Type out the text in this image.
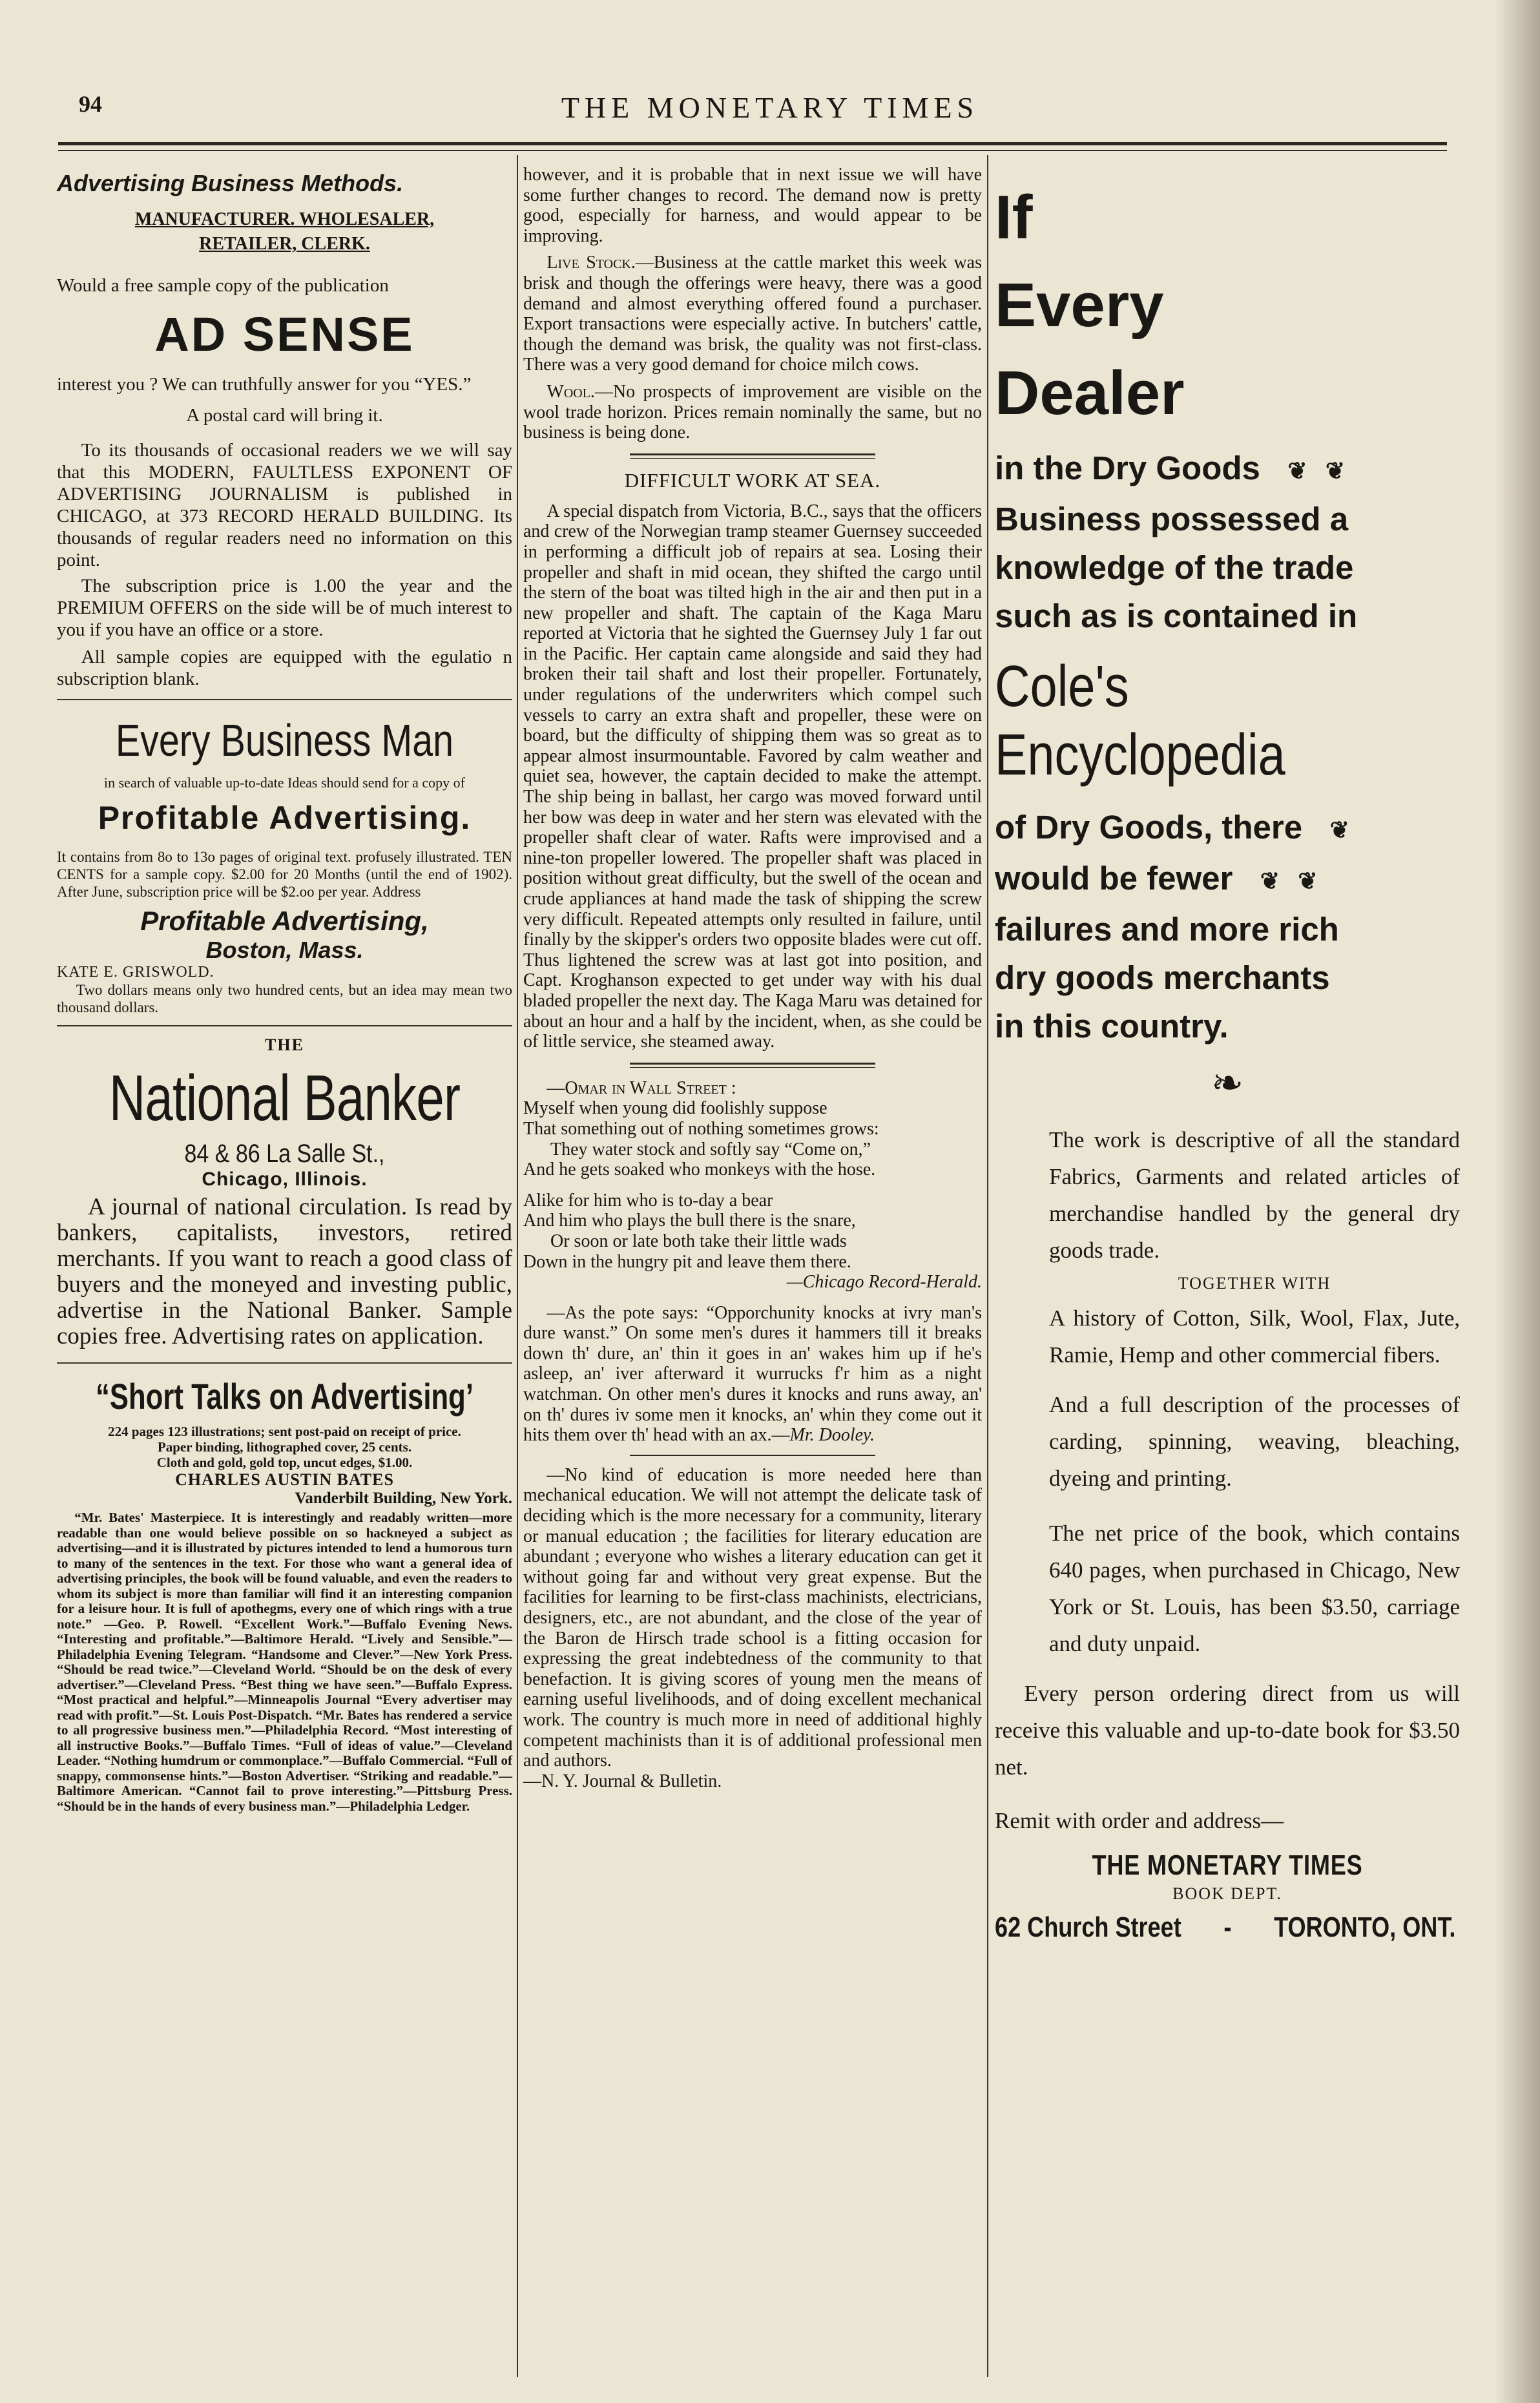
THE MONETARY TIMES
94
Advertising Business Methods.
MANUFACTURER. WHOLESALER,
RETAILER, CLERK.

Would a free sample copy of the publication

AD SENSE

interest you ? We can truthfully answer for you “YES.”

A postal card will bring it.

To its thousands of occasional readers we we will say that this MODERN, FAULTLESS EXPONENT OF ADVERTISING JOURNALISM is published in CHICAGO, at 373 RECORD HERALD BUILDING. Its thousands of regular readers need no information on this point.

The subscription price is 1.00 the year and the PREMIUM OFFERS on the side will be of much interest to you if you have an office or a store.

All sample copies are equipped with the egulatio n subscription blank.

Every Business Man

in search of valuable up-to-date Ideas should send for a copy of

Profitable Advertising.

It contains from 8o to 13o pages of original text. profusely illustrated. TEN CENTS for a sample copy. $2.00 for 20 Months (until the end of 1902). After June, subscription price will be $2.oo per year. Address

Profitable Advertising,
Boston, Mass.

KATE E. GRISWOLD.

Two dollars means only two hundred cents, but an idea may mean two thousand dollars.

THE
National Banker
84 & 86 La Salle St.,
Chicago, Illinois.

A journal of national circulation. Is read by bankers, capitalists, investors, retired merchants. If you want to reach a good class of buyers and the moneyed and investing public, advertise in the National Banker. Sample copies free. Advertising rates on application.

“Short Talks on Advertising’

224 pages 123 illustrations; sent post-paid on receipt of price.

Paper binding, lithographed cover, 25 cents.

Cloth and gold, gold top, uncut edges, $1.00.

CHARLES AUSTIN BATES
Vanderbilt Building, New York.

“Mr. Bates' Masterpiece. It is interestingly and readably written—more readable than one would believe possible on so hackneyed a subject as advertising—and it is illustrated by pictures intended to lend a humorous turn to many of the sentences in the text. For those who want a general idea of advertising principles, the book will be found valuable, and even the readers to whom its subject is more than familiar will find it an interesting companion for a leisure hour. It is full of apothegms, every one of which rings with a true note.” —Geo. P. Rowell. “Excellent Work.”—Buffalo Evening News. “Interesting and profitable.”—Baltimore Herald. “Lively and Sensible.”—Philadelphia Evening Telegram. “Handsome and Clever.”—New York Press. “Should be read twice.”—Cleveland World. “Should be on the desk of every advertiser.”—Cleveland Press. “Best thing we have seen.”—Buffalo Express. “Most practical and helpful.”—Minneapolis Journal “Every advertiser may read with profit.”—St. Louis Post-Dispatch. “Mr. Bates has rendered a service to all progressive business men.”—Philadelphia Record. “Most interesting of all instructive Books.”—Buffalo Times. “Full of ideas of value.”—Cleveland Leader. “Nothing humdrum or commonplace.”—Buffalo Commercial. “Full of snappy, commonsense hints.”—Boston Advertiser. “Striking and readable.”—Baltimore American. “Cannot fail to prove interesting.”—Pittsburg Press. “Should be in the hands of every business man.”—Philadelphia Ledger.

however, and it is probable that in next issue we will have some further changes to record. The demand now is pretty good, especially for harness, and would appear to be improving.

Live Stock.—Business at the cattle market this week was brisk and though the offerings were heavy, there was a good demand and almost everything offered found a purchaser. Export transactions were especially active. In butchers' cattle, though the demand was brisk, the quality was not first-class. There was a very good demand for choice milch cows.

Wool.—No prospects of improvement are visible on the wool trade horizon. Prices remain nominally the same, but no business is being done.

DIFFICULT WORK AT SEA.

A special dispatch from Victoria, B.C., says that the officers and crew of the Norwegian tramp steamer Guernsey succeeded in performing a difficult job of repairs at sea. Losing their propeller and shaft in mid ocean, they shifted the cargo until the stern of the boat was tilted high in the air and then put in a new propeller and shaft. The captain of the Kaga Maru reported at Victoria that he sighted the Guernsey July 1 far out in the Pacific. Her captain came alongside and said they had broken their tail shaft and lost their propeller. Fortunately, under regulations of the underwriters which compel such vessels to carry an extra shaft and propeller, these were on board, but the difficulty of shipping them was so great as to appear almost insurmountable. Favored by calm weather and quiet sea, however, the captain decided to make the attempt. The ship being in ballast, her cargo was moved forward until her bow was deep in water and her stern was elevated with the propeller shaft clear of water. Rafts were improvised and a nine-ton propeller lowered. The propeller shaft was placed in position without great difficulty, but the swell of the ocean and crude appliances at hand made the task of shipping the screw very difficult. Repeated attempts only resulted in failure, until finally by the skipper's orders two opposite blades were cut off. Thus lightened the screw was at last got into position, and Capt. Kroghanson expected to get under way with his dual bladed propeller the next day. The Kaga Maru was detained for about an hour and a half by the incident, when, as she could be of little service, she steamed away.

—Omar in Wall Street :

Myself when young did foolishly suppose

That something out of nothing sometimes grows:

They water stock and softly say “Come on,”

And he gets soaked who monkeys with the hose.

Alike for him who is to-day a bear

And him who plays the bull there is the snare,

Or soon or late both take their little wads

Down in the hungry pit and leave them there.

—Chicago Record-Herald.

—As the pote says: “Opporchunity knocks at ivry man's dure wanst.” On some men's dures it hammers till it breaks down th' dure, an' thin it goes in an' wakes him up if he's asleep, an' iver afterward it wurrucks f'r him as a night watchman. On other men's dures it knocks and runs away, an' on th' dures iv some men it knocks, an' whin they come out it hits them over th' head with an ax.—Mr. Dooley.

—No kind of education is more needed here than mechanical education. We will not attempt the delicate task of deciding which is the more necessary for a community, literary or manual education ; the facilities for literary education are abundant ; everyone who wishes a literary education can get it without going far and without very great expense. But the facilities for learning to be first-class machinists, electricians, designers, etc., are not abundant, and the close of the year of the Baron de Hirsch trade school is a fitting occasion for expressing the great indebtedness of the community to that benefaction. It is giving scores of young men the means of earning useful livelihoods, and of doing excellent mechanical work. The country is much more in need of additional highly competent machinists than it is of additional professional men and authors.

—N. Y. Journal & Bulletin.

If
Every
Dealer
in the Dry Goods ❦ ❦
Business possessed a
knowledge of the trade
such as is contained in
Cole's
Encyclopedia
of Dry Goods, there ❦
would be fewer ❦ ❦
failures and more rich
dry goods merchants
in this country.
❧

The work is descriptive of all the standard Fabrics, Garments and related articles of merchandise handled by the general dry goods trade.

TOGETHER WITH

A history of Cotton, Silk, Wool, Flax, Jute, Ramie, Hemp and other commercial fibers.

And a full description of the processes of carding, spinning, weaving, bleaching, dyeing and printing.

The net price of the book, which contains 640 pages, when purchased in Chicago, New York or St. Louis, has been $3.50, carriage and duty unpaid.

Every person ordering direct from us will receive this valuable and up-to-date book for $3.50 net.

Remit with order and address—

THE MONETARY TIMES
BOOK DEPT.
62 Church Street - TORONTO, ONT.
